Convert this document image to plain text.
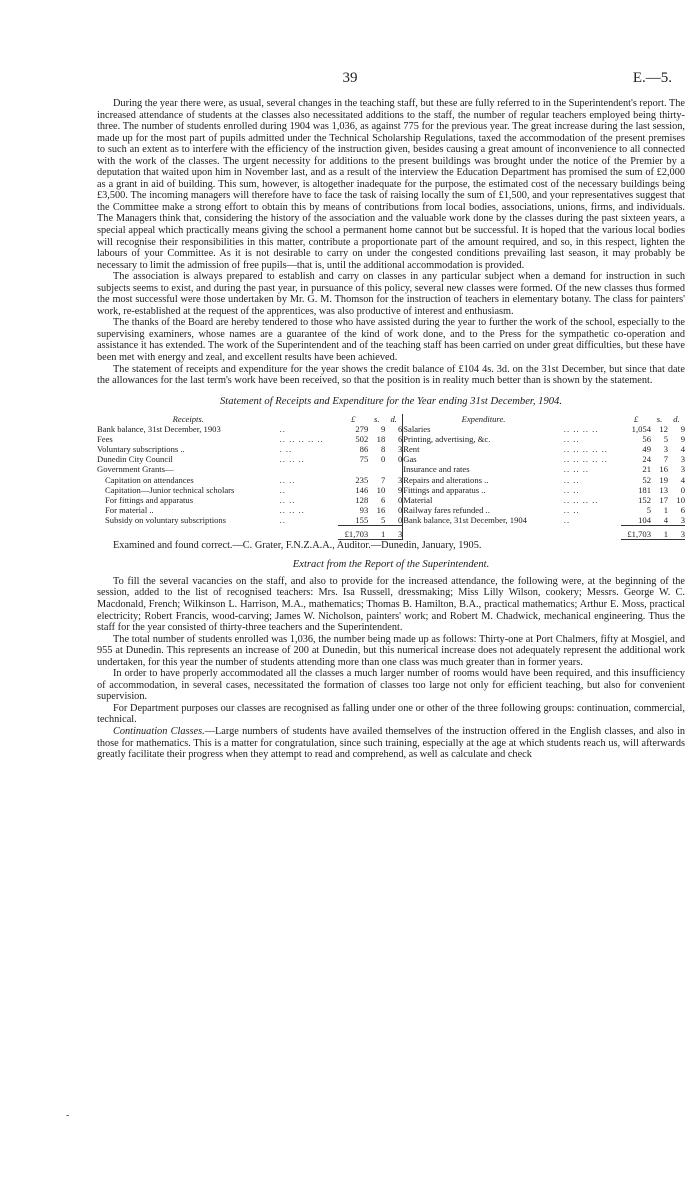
39	E.—5.

During the year there were, as usual, several changes in the teaching staff, but these are fully referred to in the Superintendent's report. The increased attendance of students at the classes also necessitated additions to the staff, the number of regular teachers employed being thirty-three. The number of students enrolled during 1904 was 1,036, as against 775 for the previous year. The great increase during the last session, made up for the most part of pupils admitted under the Technical Scholarship Regulations, taxed the accommodation of the present premises to such an extent as to interfere with the efficiency of the instruction given, besides causing a great amount of inconvenience to all connected with the work of the classes. The urgent necessity for additions to the present buildings was brought under the notice of the Premier by a deputation that waited upon him in November last, and as a result of the interview the Education Department has promised the sum of £2,000 as a grant in aid of building. This sum, however, is altogether inadequate for the purpose, the estimated cost of the necessary buildings being £3,500. The incoming managers will therefore have to face the task of raising locally the sum of £1,500, and your representatives suggest that the Committee make a strong effort to obtain this by means of contributions from local bodies, associations, unions, firms, and individuals. The Managers think that, considering the history of the association and the valuable work done by the classes during the past sixteen years, a special appeal which practically means giving the school a permanent home cannot but be successful. It is hoped that the various local bodies will recognise their responsibilities in this matter, contribute a proportionate part of the amount required, and so, in this respect, lighten the labours of your Committee. As it is not desirable to carry on under the congested conditions prevailing last season, it may probably be necessary to limit the admission of free pupils—that is, until the additional accommodation is provided.

The association is always prepared to establish and carry on classes in any particular subject when a demand for instruction in such subjects seems to exist, and during the past year, in pursuance of this policy, several new classes were formed. Of the new classes thus formed the most successful were those undertaken by Mr. G. M. Thomson for the instruction of teachers in elementary botany. The class for painters' work, re-established at the request of the apprentices, was also productive of interest and enthusiasm.

The thanks of the Board are hereby tendered to those who have assisted during the year to further the work of the school, especially to the supervising examiners, whose names are a guarantee of the kind of work done, and to the Press for the sympathetic co-operation and assistance it has extended. The work of the Superintendent and of the teaching staff has been carried on under great difficulties, but these have been met with energy and zeal, and excellent results have been achieved.

The statement of receipts and expenditure for the year shows the credit balance of £104 4s. 3d. on the 31st December, but since that date the allowances for the last term's work have been received, so that the position is in reality much better than is shown by the statement.

Statement of Receipts and Expenditure for the Year ending 31st December, 1904.
Receipts.		£	s.	d.
Bank balance, 31st December, 1903	..	279	9	6
Fees	.. .. .. .. ..	502	18	6
Voluntary subscriptions ..	. ..	86	8	3
Dunedin City Council	.. .. ..	75	0	0
Government Grants—				
Capitation on attendances	.. ..	235	7	3
Capitation—Junior technical scholars	..	146	10	9
For fittings and apparatus	.. ..	128	6	0
For material ..	.. .. ..	93	16	0
Subsidy on voluntary subscriptions	..	155	5	0
		£1,703	1	3
Expenditure.		£	s.	d.
Salaries	.. .. .. ..	1,054	12	9
Printing, advertising, &c.	.. ..	56	5	9
Rent	.. .. .. .. ..	49	3	4
Gas	.. .. .. .. ..	24	7	3
Insurance and rates	.. .. ..	21	16	3
Repairs and alterations ..	.. ..	52	19	4
Fittings and apparatus ..	.. ..	181	13	0
Material	.. .. .. ..	152	17	10
Railway fares refunded ..	.. ..	5	1	6
Bank balance, 31st December, 1904	..	104	4	3
		£1,703	1	3

Examined and found correct.—C. Grater, F.N.Z.A.A., Auditor.—Dunedin, January, 1905.

Extract from the Report of the Superintendent.

To fill the several vacancies on the staff, and also to provide for the increased attendance, the following were, at the beginning of the session, added to the list of recognised teachers: Mrs. Isa Russell, dressmaking; Miss Lilly Wilson, cookery; Messrs. George W. C. Macdonald, French; Wilkinson L. Harrison, M.A., mathematics; Thomas B. Hamilton, B.A., practical mathematics; Arthur E. Moss, practical electricity; Robert Francis, wood-carving; James W. Nicholson, painters' work; and Robert M. Chadwick, mechanical engineering. Thus the staff for the year consisted of thirty-three teachers and the Superintendent.

The total number of students enrolled was 1,036, the number being made up as follows: Thirty-one at Port Chalmers, fifty at Mosgiel, and 955 at Dunedin. This represents an increase of 200 at Dunedin, but this numerical increase does not adequately represent the additional work undertaken, for this year the number of students attending more than one class was much greater than in former years.

In order to have properly accommodated all the classes a much larger number of rooms would have been required, and this insufficiency of accommodation, in several cases, necessitated the formation of classes too large not only for efficient teaching, but also for convenient supervision.

For Department purposes our classes are recognised as falling under one or other of the three following groups: continuation, commercial, technical.

Continuation Classes.—Large numbers of students have availed themselves of the instruction offered in the English classes, and also in those for mathematics. This is a matter for congratulation, since such training, especially at the age at which students reach us, will afterwards greatly facilitate their progress when they attempt to read and comprehend, as well as calculate and check

-
